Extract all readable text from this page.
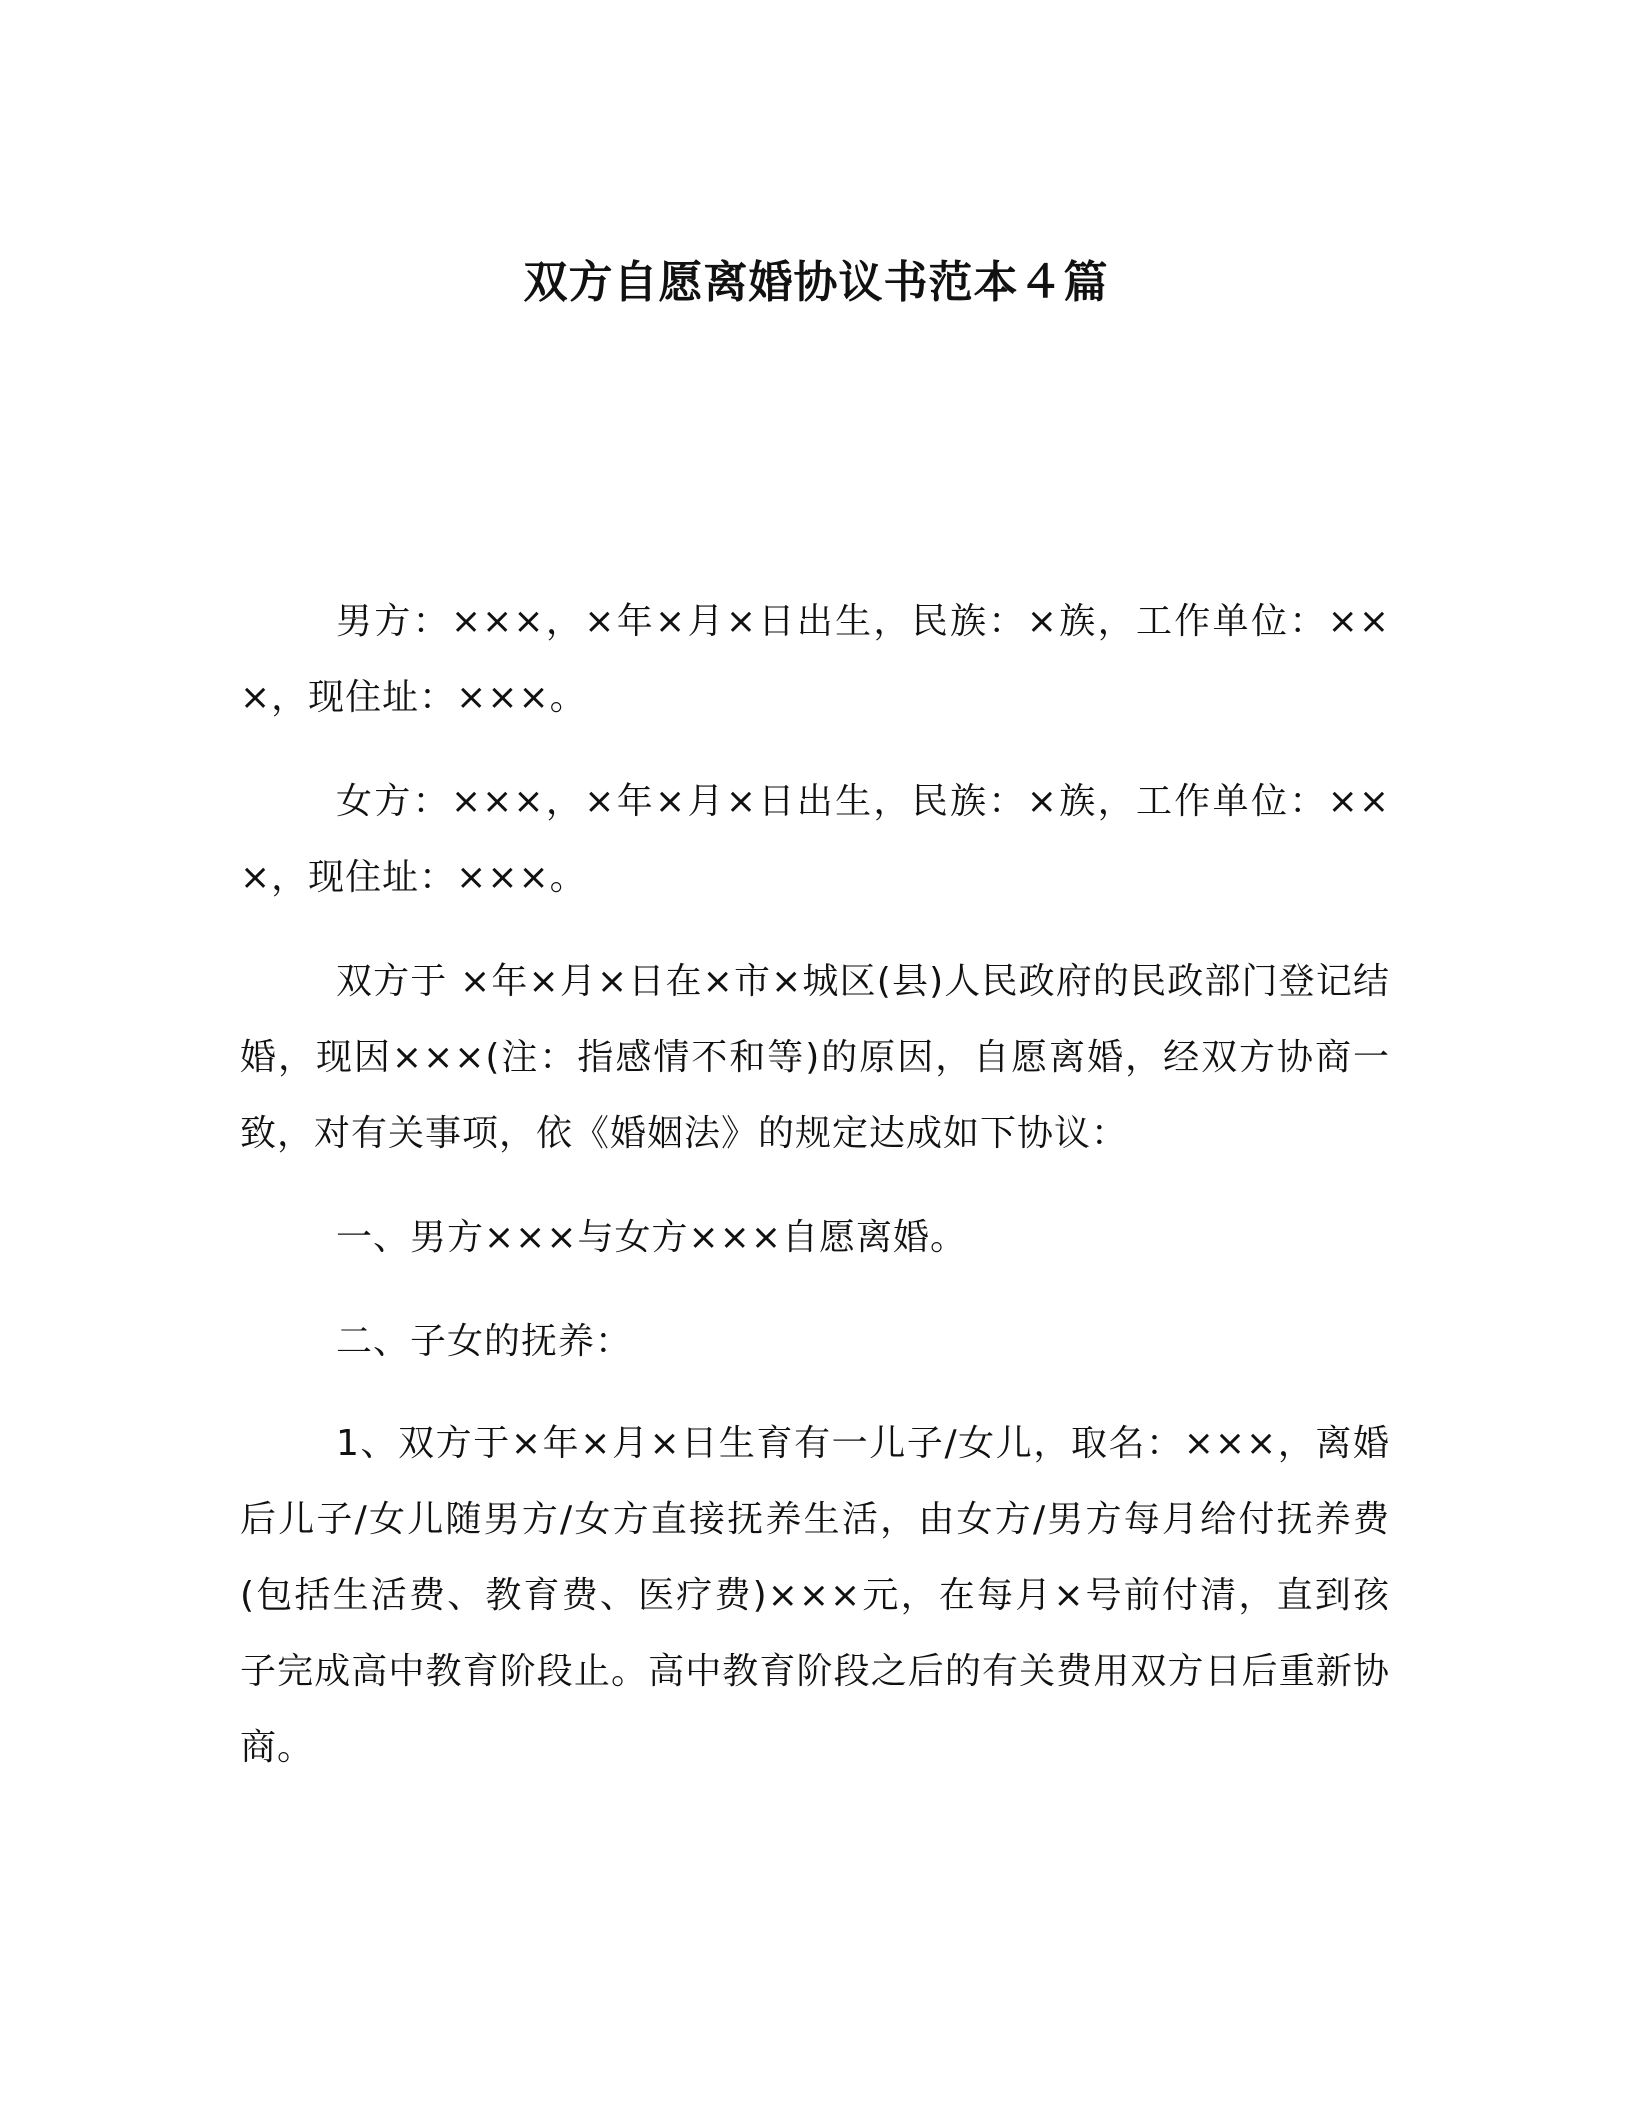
双方自愿离婚协议书范本４篇

男方：×××，×年×月×日出生，民族：×族，工作单位：×××，现住址：×××。

女方：×××，×年×月×日出生，民族：×族，工作单位：×××，现住址：×××。

双方于 ×年×月×日在×市×城区(县)人民政府的民政部门登记结婚，现因×××(注：指感情不和等)的原因，自愿离婚，经双方协商一致，对有关事项，依《婚姻法》的规定达成如下协议：

一、男方×××与女方×××自愿离婚。

二、子女的抚养：

1、双方于×年×月×日生育有一儿子/女儿，取名：×××，离婚后儿子/女儿随男方/女方直接抚养生活，由女方/男方每月给付抚养费(包括生活费、教育费、医疗费)×××元，在每月×号前付清，直到孩子完成高中教育阶段止。高中教育阶段之后的有关费用双方日后重新协商。
